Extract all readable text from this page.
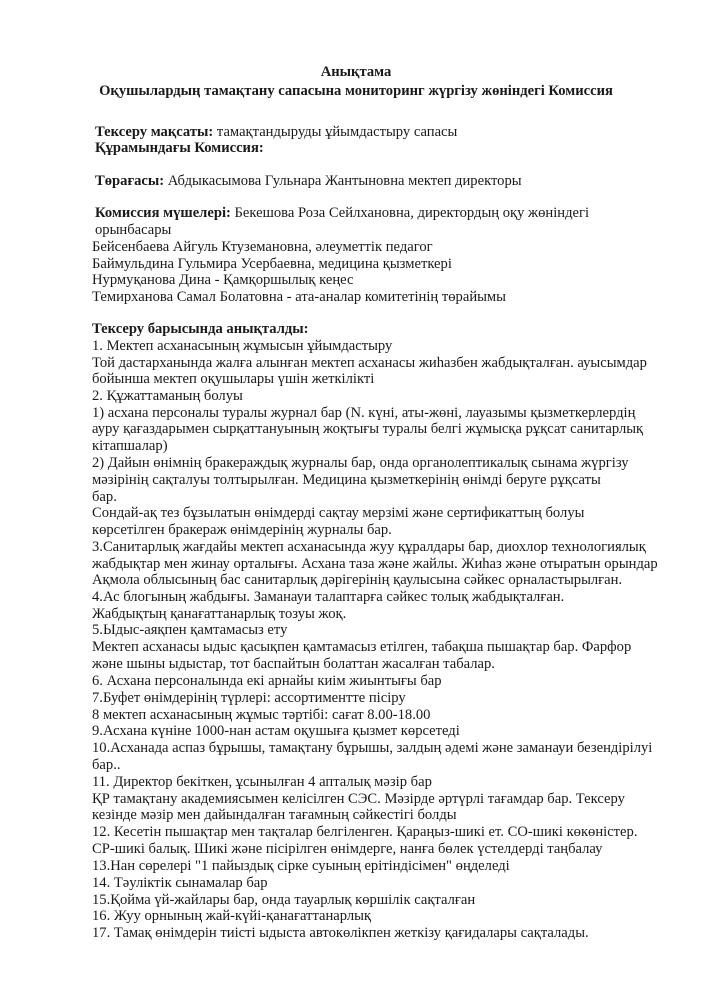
Анықтама
Оқушылардың тамақтану сапасына мониторинг жүргізу жөніндегі Комиссия
Тексеру мақсаты: тамақтандыруды ұйымдастыру сапасы
Құрамындағы Комиссия:
Төрағасы: Абдыкасымова Гульнара Жантыновна мектеп директоры
Комиссия мүшелері: Бекешова Роза Сейлхановна, директордың оқу жөніндегі
орынбасары
Бейсенбаева Айгуль Ктуземановна, әлеуметтік педагог
Баймульдина Гульмира Усербаевна, медицина қызметкері
Нурмуқанова Дина - Қамқоршылық кеңес
Темирханова Самал Болатовна - ата-аналар комитетінің төрайымы
Тексеру барысында анықталды:
1. Мектеп асханасының жұмысын ұйымдастыру
Той дастарханында жалға алынған мектеп асханасы жиһазбен жабдықталған. ауысымдар
бойынша мектеп оқушылары үшін жеткілікті
2. Құжаттаманың болуы
1) асхана персоналы туралы журнал бар (N. күні, аты-жөні, лауазымы қызметкерлердің
ауру қағаздарымен сырқаттануының жоқтығы туралы белгі жұмысқа рұқсат санитарлық
кітапшалар)
2) Дайын өнімнің бракераждық журналы бар, онда органолептикалық сынама жүргізу
мәзірінің сақталуы толтырылған. Медицина қызметкерінің өнімді беруге рұқсаты
бар.
Сондай-ақ тез бұзылатын өнімдерді сақтау мерзімі және сертификаттың болуы
көрсетілген бракераж өнімдерінің журналы бар.
3.Санитарлық жағдайы мектеп асханасында жуу құралдары бар, диохлор технологиялық
жабдықтар мен жинау орталығы. Асхана таза және жайлы. Жиһаз және отыратын орындар
Ақмола облысының бас санитарлық дәрігерінің қаулысына сәйкес орналастырылған.
4.Ас блогының жабдығы. Заманауи талаптарға сәйкес толық жабдықталған.
Жабдықтың қанағаттанарлық тозуы жоқ.
5.Ыдыс-аяқпен қамтамасыз ету
Мектеп асханасы ыдыс қасықпен қамтамасыз етілген, табақша пышақтар бар. Фарфор
және шыны ыдыстар, тот баспайтын болаттан жасалған табалар.
6. Асхана персоналында екі арнайы киім жиынтығы бар
7.Буфет өнімдерінің түрлері: ассортиментте пісіру
8 мектеп асханасының жұмыс тәртібі: сағат 8.00-18.00
9.Асхана күніне 1000-нан астам оқушыға қызмет көрсетеді
10.Асханада аспаз бұрышы, тамақтану бұрышы, залдың әдемі және заманауи безендірілуі
бар..
11. Директор бекіткен, ұсынылған 4 апталық мәзір бар
ҚР тамақтану академиясымен келісілген СЭС. Мәзірде әртүрлі тағамдар бар. Тексеру
кезінде мәзір мен дайындалған тағамның сәйкестігі болды
12. Кесетін пышақтар мен тақталар белгіленген. Қараңыз-шикі ет. СО-шикі көкөністер.
СР-шикі балық. Шикі және пісірілген өнімдерге, нанға бөлек үстелдерді таңбалау
13.Нан сөрелері "1 пайыздық сірке суының ерітіндісімен" өңделеді
14. Тәуліктік сынамалар бар
15.Қойма үй-жайлары бар, онда тауарлық көршілік сақталған
16. Жуу орнының жай-күйі-қанағаттанарлық
17. Тамақ өнімдерін тиісті ыдыста автокөлікпен жеткізу қағидалары сақталады.
